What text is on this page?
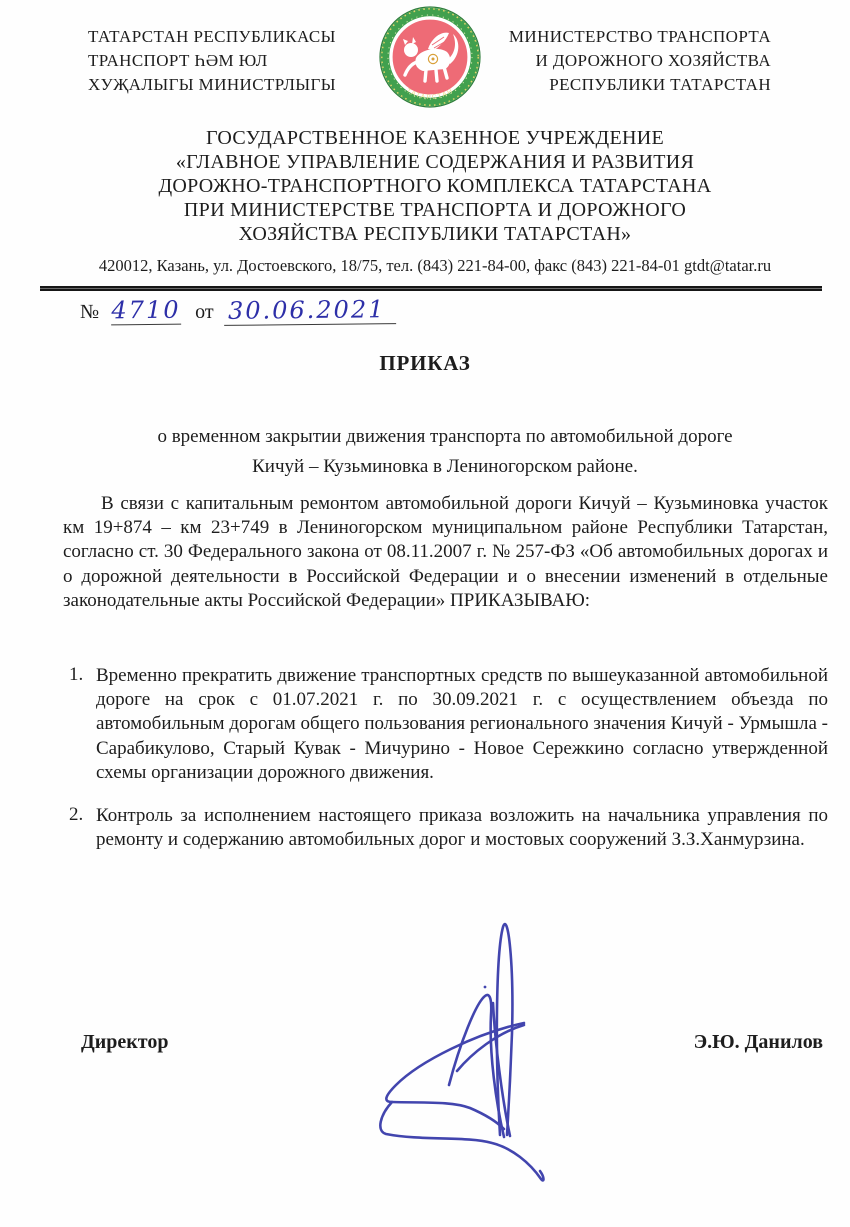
ТАТАРСТАН РЕСПУБЛИКАСЫ
ТРАНСПОРТ ҺӘМ ЮЛ
ХУҖАЛЫГЫ МИНИСТРЛЫГЫ	ТАТАРСТАН
МИНИСТЕРСТВО ТРАНСПОРТА
И ДОРОЖНОГО ХОЗЯЙСТВА
РЕСПУБЛИКИ ТАТАРСТАН
ГОСУДАРСТВЕННОЕ КАЗЕННОЕ УЧРЕЖДЕНИЕ
«ГЛАВНОЕ УПРАВЛЕНИЕ СОДЕРЖАНИЯ И РАЗВИТИЯ
ДОРОЖНО-ТРАНСПОРТНОГО КОМПЛЕКСА ТАТАРСТАНА
ПРИ МИНИСТЕРСТВЕ ТРАНСПОРТА И ДОРОЖНОГО
ХОЗЯЙСТВА РЕСПУБЛИКИ ТАТАРСТАН»
420012, Казань, ул. Достоевского, 18/75, тел. (843) 221-84-00, факс (843) 221-84-01 gtdt@tatar.ru
№ 4710 от 30.06.2021
ПРИКАЗ
о временном закрытии движения транспорта по автомобильной дороге
Кичуй – Кузьминовка в Лениногорском районе.

В связи с капитальным ремонтом автомобильной дороги Кичуй – Кузьминовка участок км 19+874 – км 23+749 в Лениногорском муниципальном районе Республики Татарстан, согласно ст. 30 Федерального закона от 08.11.2007 г. № 257-ФЗ «Об автомобильных дорогах и о дорожной деятельности в Российской Федерации и о внесении изменений в отдельные законодательные акты Российской Федерации» ПРИКАЗЫВАЮ:

1. Временно прекратить движение транспортных средств по вышеуказанной автомобильной дороге на срок с 01.07.2021 г. по 30.09.2021 г. с осуществлением объезда по автомобильным дорогам общего пользования регионального значения Кичуй - Урмышла - Сарабикулово, Старый Кувак - Мичурино - Новое Сережкино согласно утвержденной схемы организации дорожного движения.
2. Контроль за исполнением настоящего приказа возложить на начальника управления по ремонту и содержанию автомобильных дорог и мостовых сооружений З.З.Ханмурзина.
Директор	Э.Ю. Данилов
